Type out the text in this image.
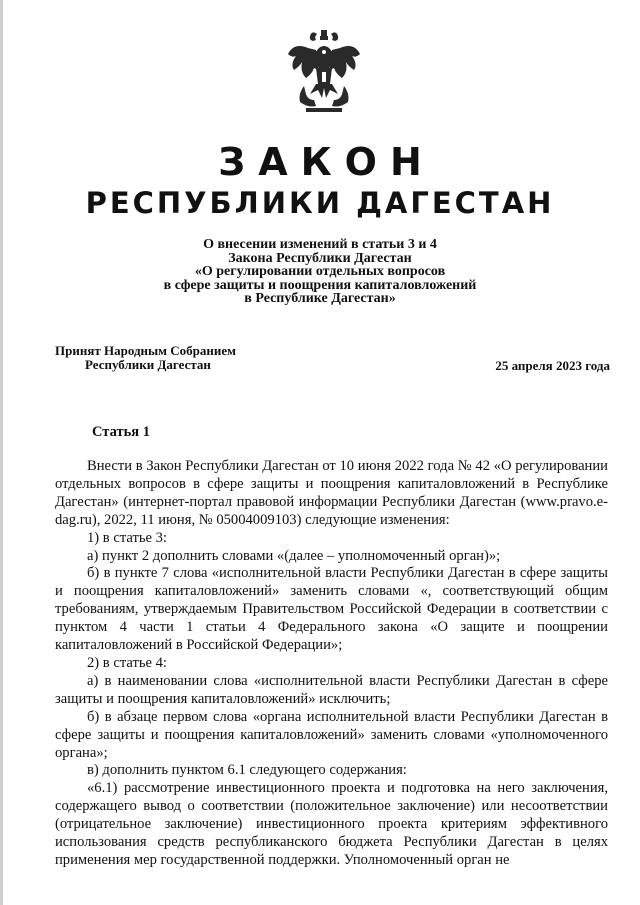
ЗАКОН
РЕСПУБЛИКИ ДАГЕСТАН
О внесении изменений в статьи 3 и 4
Закона Республики Дагестан
«О регулировании отдельных вопросов
в сфере защиты и поощрения капиталовложений
в Республике Дагестан»
Принят Народным Собранием
Республики Дагестан	25 апреля 2023 года
Статья 1

Внести в Закон Республики Дагестан от 10 июня 2022 года № 42 «О регулировании отдельных вопросов в сфере защиты и поощрения капиталовложений в Республике Дагестан» (интернет-портал правовой информации Республики Дагестан (www.pravo.e-dag.ru), 2022, 11 июня, № 05004009103) следующие изменения:

1) в статье 3:

а) пункт 2 дополнить словами «(далее – уполномоченный орган)»;

б) в пункте 7 слова «исполнительной власти Республики Дагестан в сфере защиты и поощрения капиталовложений» заменить словами «, соответствующий общим требованиям, утверждаемым Правительством Российской Федерации в соответствии с пунктом 4 части 1 статьи 4 Федерального закона «О защите и поощрении капиталовложений в Российской Федерации»;

2) в статье 4:

а) в наименовании слова «исполнительной власти Республики Дагестан в сфере защиты и поощрения капиталовложений» исключить;

б) в абзаце первом слова «органа исполнительной власти Республики Дагестан в сфере защиты и поощрения капиталовложений» заменить словами «уполномоченного органа»;

в) дополнить пунктом 6.1 следующего содержания:

«6.1) рассмотрение инвестиционного проекта и подготовка на него заключения, содержащего вывод о соответствии (положительное заключение) или несоответствии (отрицательное заключение) инвестиционного проекта критериям эффективного использования средств республиканского бюджета Республики Дагестан в целях применения мер государственной поддержки. Уполномоченный орган не
